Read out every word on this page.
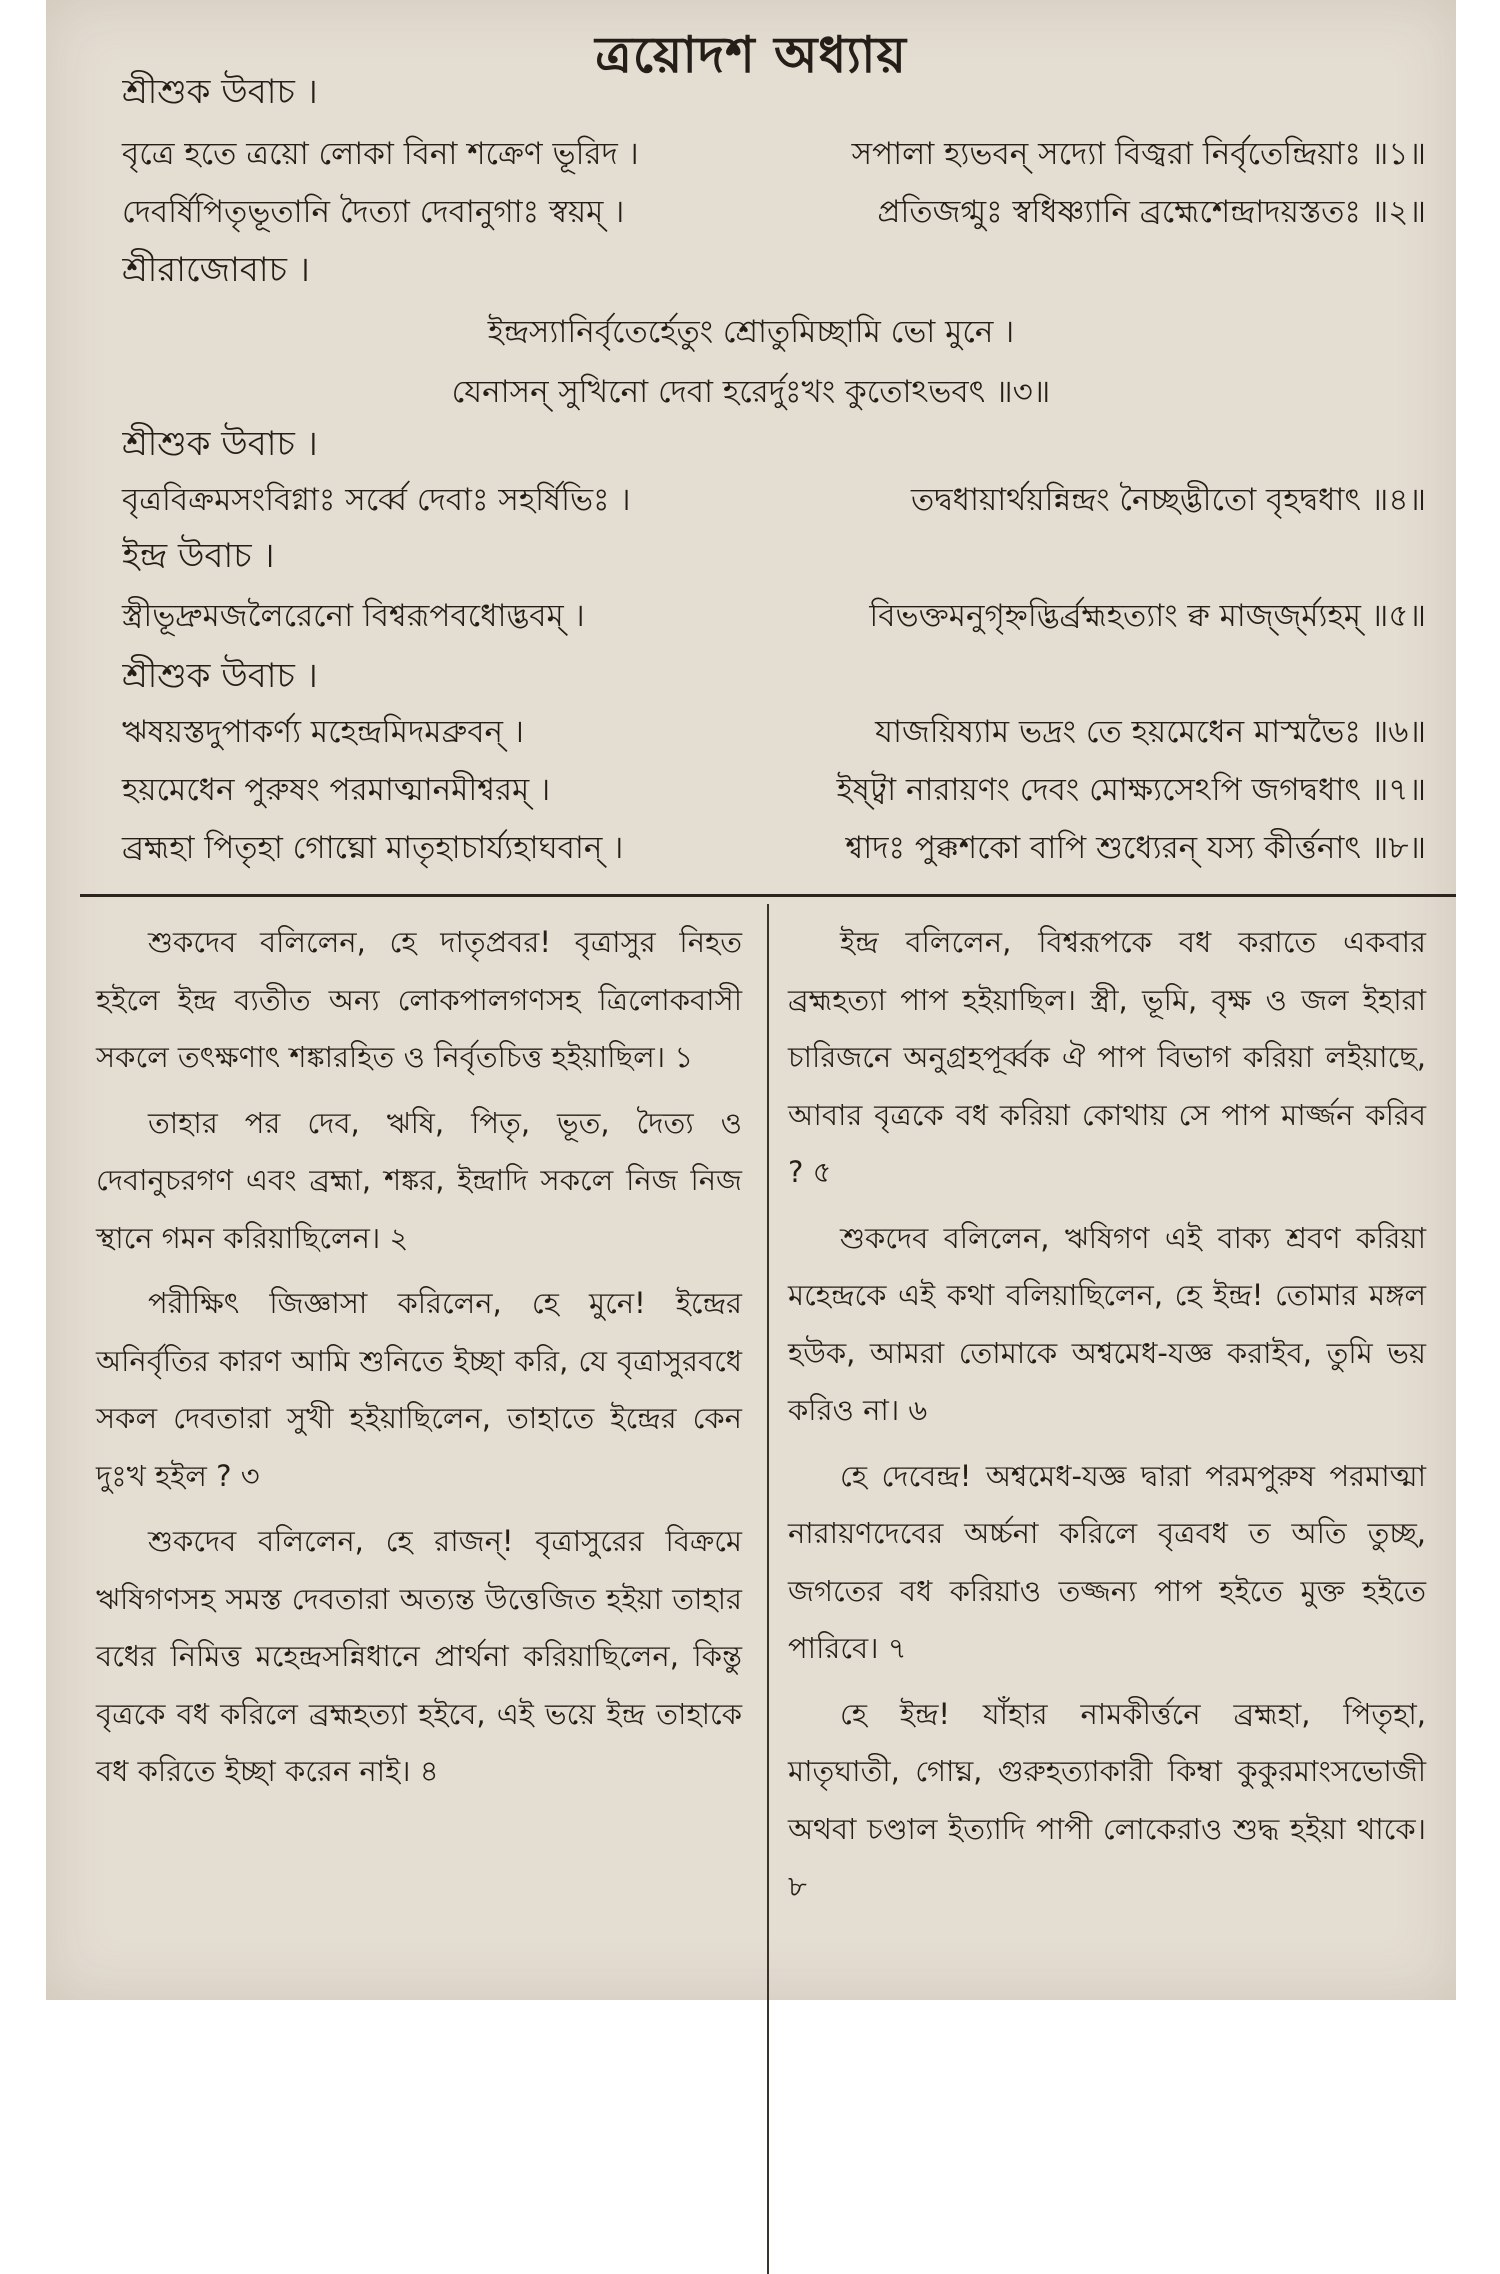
ত্রয়োদশ অধ্যায়
শ্রীশুক উবাচ ।
বৃত্রে হতে ত্রয়ো লোকা বিনা শক্রেণ ভূরিদ ।	সপালা হ্যভবন্ সদ্যো বিজ্বরা নির্বৃতেন্দ্রিয়াঃ ॥১॥
দেবর্ষিপিতৃভূতানি দৈত্যা দেবানুগাঃ স্বয়ম্ ।	প্রতিজগ্মুঃ স্বধিষ্ণ্যানি ব্রহ্মেশেন্দ্রাদয়স্ততঃ ॥২॥
শ্রীরাজোবাচ ।
ইন্দ্রস্যানির্বৃতের্হেতুং শ্রোতুমিচ্ছামি ভো মুনে ।
যেনাসন্ সুখিনো দেবা হরের্দুঃখং কুতোঽভবৎ ॥৩॥
শ্রীশুক উবাচ ।
বৃত্রবিক্রমসংবিগ্নাঃ সর্ব্বে দেবাঃ সহর্ষিভিঃ ।	তদ্বধায়ার্থয়ন্নিন্দ্রং নৈচ্ছদ্ভীতো বৃহদ্বধাৎ ॥৪॥
ইন্দ্র উবাচ ।
স্ত্রীভূদ্রুমজলৈরেনো বিশ্বরূপবধোদ্ভবম্ ।	বিভক্তমনুগৃহ্নদ্ভির্ব্রহ্মহত্যাং ক্ব মার্জ্জ্ম্যহম্ ॥৫॥
শ্রীশুক উবাচ ।
ঋষয়স্তদুপাকর্ণ্য মহেন্দ্রমিদমব্রুবন্ ।	যাজয়িষ্যাম ভদ্রং তে হয়মেধেন মাস্মভৈঃ ॥৬॥
হয়মেধেন পুরুষং পরমাত্মানমীশ্বরম্ ।	ইষ্ট্বা নারায়ণং দেবং মোক্ষ্যসেঽপি জগদ্বধাৎ ॥৭॥
ব্রহ্মহা পিতৃহা গোঘ্নো মাতৃহাচার্য্যহাঘবান্ ।	শ্বাদঃ পুক্কশকো বাপি শুধ্যেরন্ যস্য কীর্ত্তনাৎ ॥৮॥

শুকদেব বলিলেন, হে দাতৃপ্রবর! বৃত্রাসুর নিহত হইলে ইন্দ্র ব্যতীত অন্য লোকপালগণসহ ত্রিলোকবাসী সকলে তৎক্ষণাৎ শঙ্কারহিত ও নির্বৃতচিত্ত হইয়াছিল। ১

তাহার পর দেব, ঋষি, পিতৃ, ভূত, দৈত্য ও দেবানুচরগণ এবং ব্রহ্মা, শঙ্কর, ইন্দ্রাদি সকলে নিজ নিজ স্থানে গমন করিয়াছিলেন। ২

পরীক্ষিৎ জিজ্ঞাসা করিলেন, হে মুনে! ইন্দ্রের অনির্বৃতির কারণ আমি শুনিতে ইচ্ছা করি, যে বৃত্রাসুরবধে সকল দেবতারা সুখী হইয়াছিলেন, তাহাতে ইন্দ্রের কেন দুঃখ হইল ? ৩

শুকদেব বলিলেন, হে রাজন্! বৃত্রাসুরের বিক্রমে ঋষিগণসহ সমস্ত দেবতারা অত্যন্ত উত্তেজিত হইয়া তাহার বধের নিমিত্ত মহেন্দ্রসন্নিধানে প্রার্থনা করিয়াছিলেন, কিন্তু বৃত্রকে বধ করিলে ব্রহ্মহত্যা হইবে, এই ভয়ে ইন্দ্র তাহাকে বধ করিতে ইচ্ছা করেন নাই। ৪

ইন্দ্র বলিলেন, বিশ্বরূপকে বধ করাতে একবার ব্রহ্মহত্যা পাপ হইয়াছিল। স্ত্রী, ভূমি, বৃক্ষ ও জল ইহারা চারিজনে অনুগ্রহপূর্ব্বক ঐ পাপ বিভাগ করিয়া লইয়াছে, আবার বৃত্রকে বধ করিয়া কোথায় সে পাপ মার্জ্জন করিব ? ৫

শুকদেব বলিলেন, ঋষিগণ এই বাক্য শ্রবণ করিয়া মহেন্দ্রকে এই কথা বলিয়াছিলেন, হে ইন্দ্র! তোমার মঙ্গল হউক, আমরা তোমাকে অশ্বমেধ-যজ্ঞ করাইব, তুমি ভয় করিও না। ৬

হে দেবেন্দ্র! অশ্বমেধ-যজ্ঞ দ্বারা পরমপুরুষ পরমাত্মা নারায়ণদেবের অর্চ্চনা করিলে বৃত্রবধ ত অতি তুচ্ছ, জগতের বধ করিয়াও তজ্জন্য পাপ হইতে মুক্ত হইতে পারিবে। ৭

হে ইন্দ্র! যাঁহার নামকীর্ত্তনে ব্রহ্মহা, পিতৃহা, মাতৃঘাতী, গোঘ্ন, গুরুহত্যাকারী কিম্বা কুকুরমাংসভোজী অথবা চণ্ডাল ইত্যাদি পাপী লোকেরাও শুদ্ধ হইয়া থাকে। ৮
